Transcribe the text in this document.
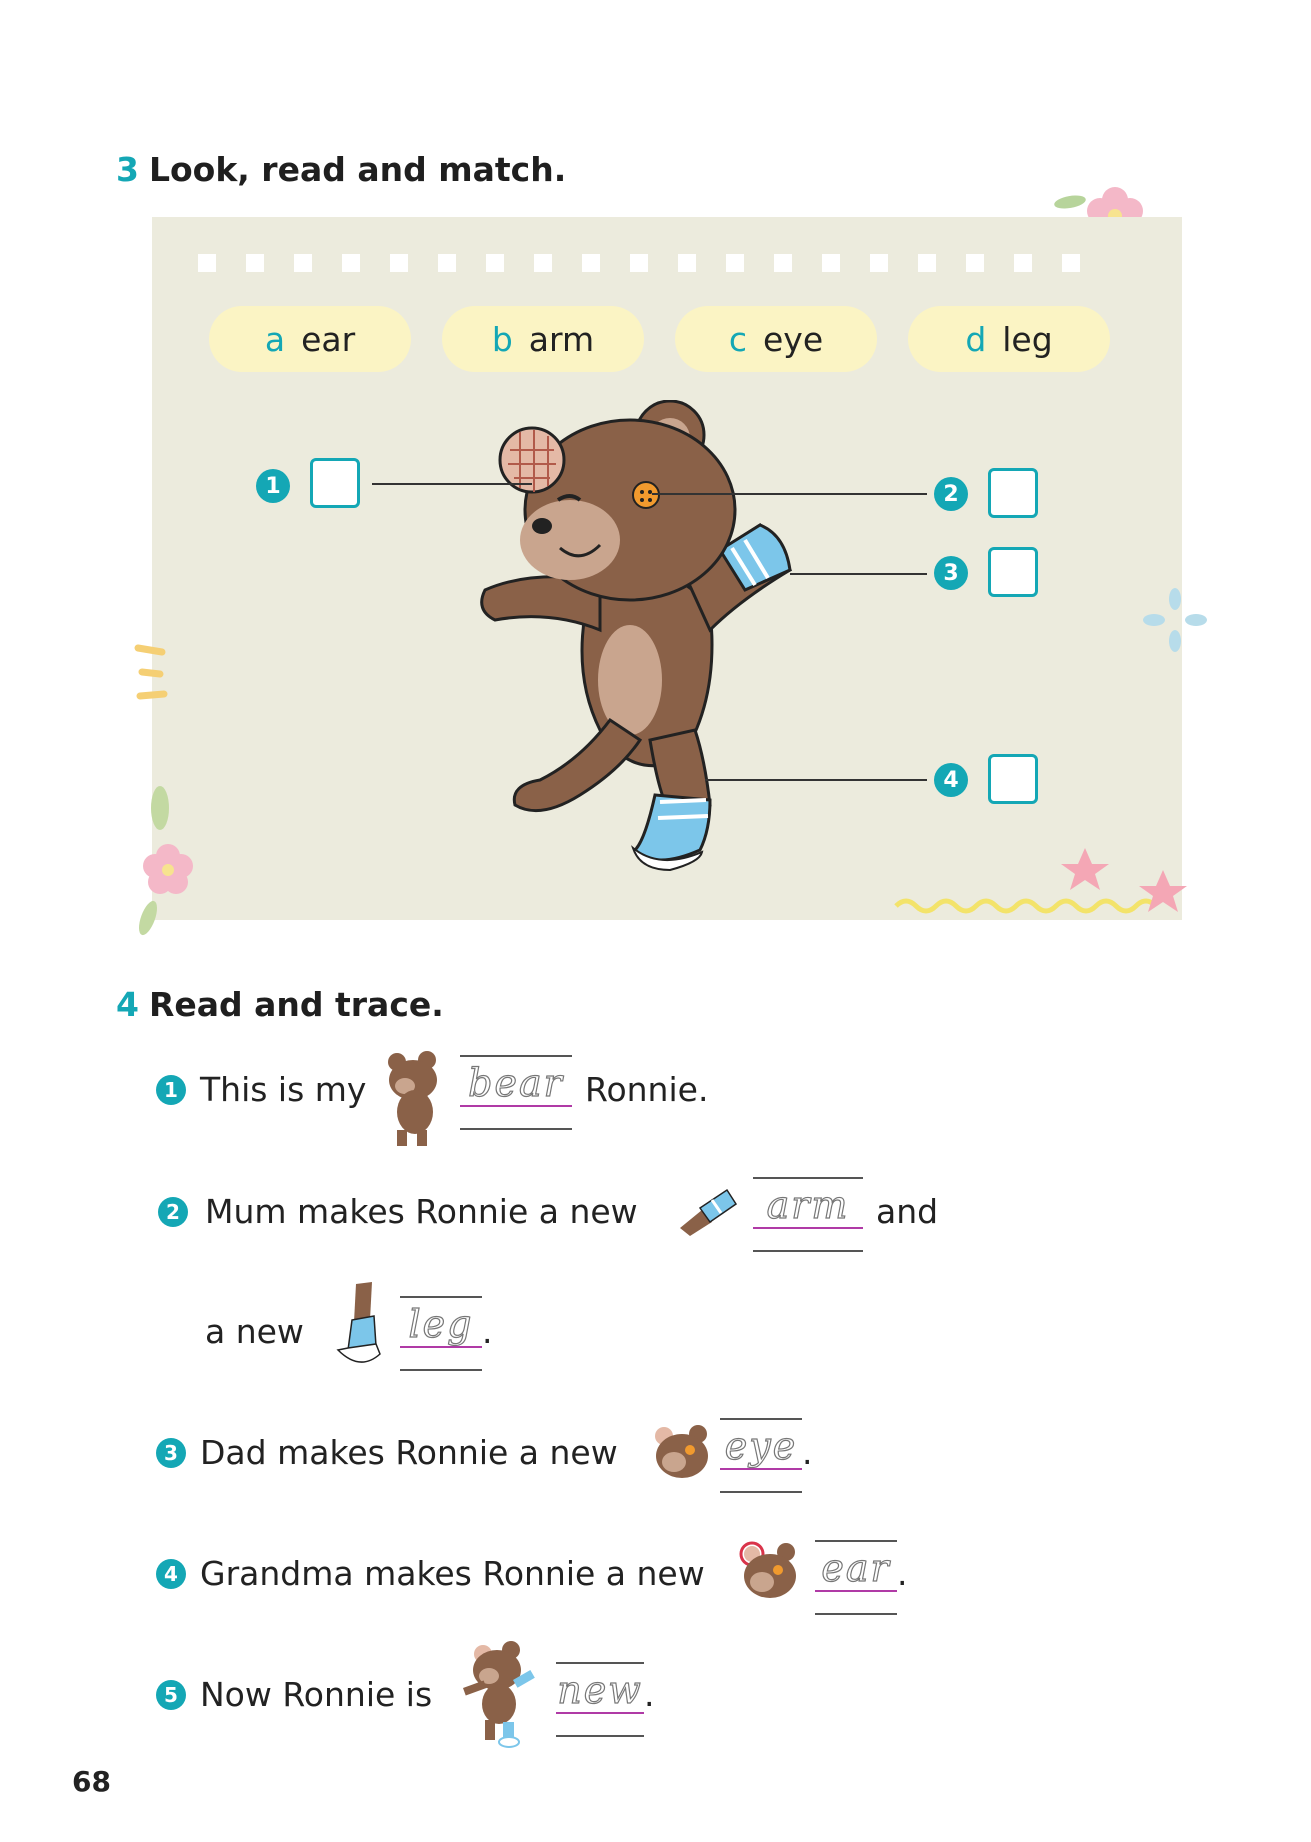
3 Look, read and match.
a ear	b arm	c eye	d leg
1	2
3
4
4 Read and trace.
1 This is my	bear Ronnie.
2 Mum makes Ronnie a new	arm and
a new	leg .
3 Dad makes Ronnie a new	eye .
4 Grandma makes Ronnie a new	ear .
5 Now Ronnie is	new .
68
